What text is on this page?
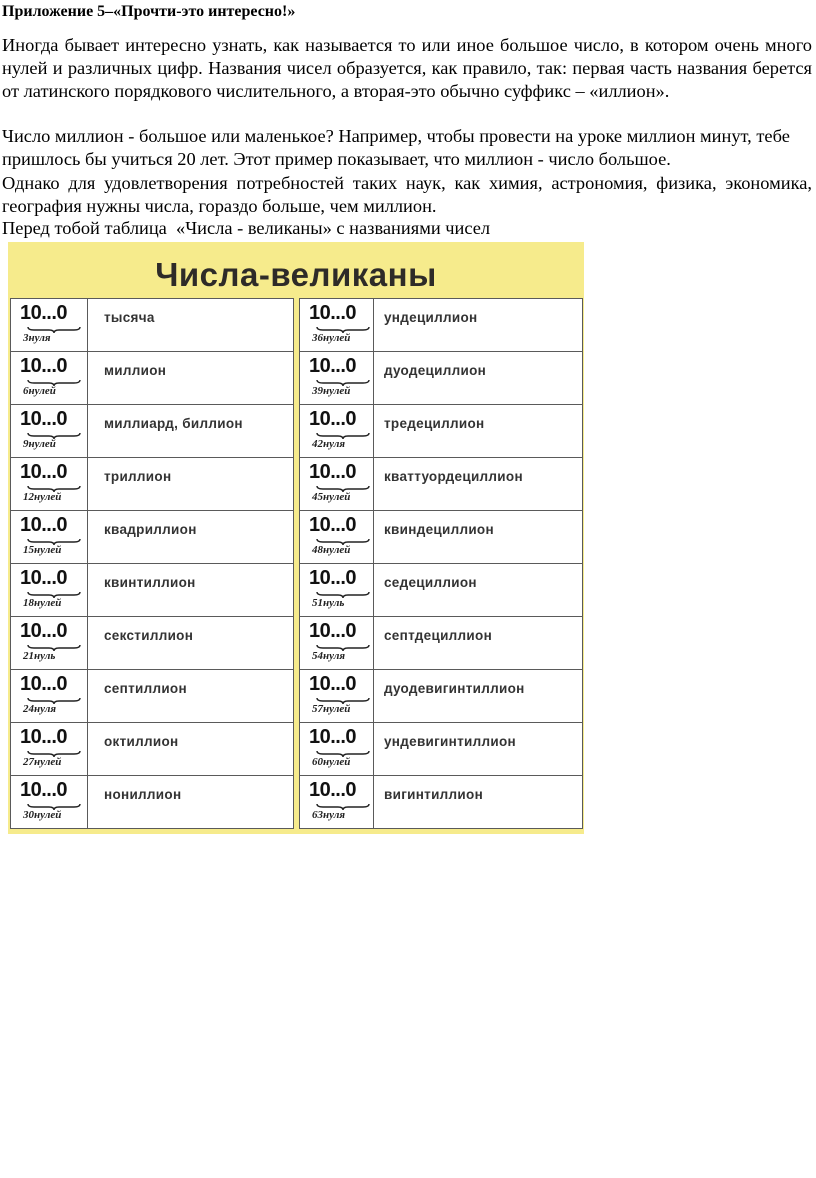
Приложение 5–«Прочти-это интересно!»

Иногда бывает интересно узнать, как называется то или иное большое число, в котором очень много нулей и различных цифр. Названия чисел образуется, как правило, так: первая часть названия берется от латинского порядкового числительного, а вторая-это обычно суффикс – «иллион».

Число миллион - большое или маленькое? Например, чтобы провести на уроке миллион минут, тебе пришлось бы учиться 20 лет. Этот пример показывает, что миллион - число большое.

Однако для удовлетворения потребностей таких наук, как химия, астрономия, физика, экономика, география нужны числа, гораздо больше, чем миллион.

Перед тобой таблица  «Числа - великаны» с названиями чисел

Числа-великаны
10...0
3нуля
тысяча
10...0
6нулей
миллион
10...0
9нулей
миллиард, биллион
10...0
12нулей
триллион
10...0
15нулей
квадриллион
10...0
18нулей
квинтиллион
10...0
21нуль
секстиллион
10...0
24нуля
септиллион
10...0
27нулей
октиллион
10...0
30нулей
нониллион
10...0
36нулей
ундециллион
10...0
39нулей
дуодециллион
10...0
42нуля
тредециллион
10...0
45нулей
кваттуордециллион
10...0
48нулей
квиндециллион
10...0
51нуль
седециллион
10...0
54нуля
септдециллион
10...0
57нулей
дуодевигинтиллион
10...0
60нулей
ундевигинтиллион
10...0
63нуля
вигинтиллион
